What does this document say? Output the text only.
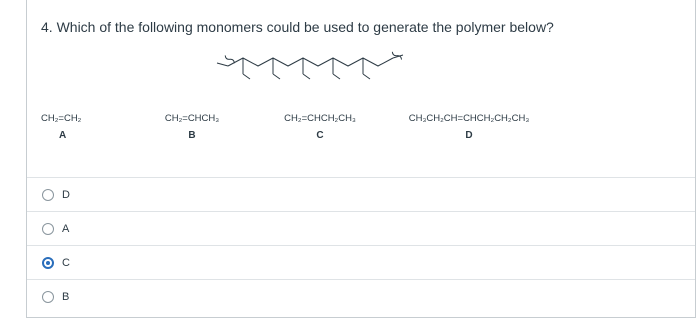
4. Which of the following monomers could be used to generate the polymer below?
CH₂=CH₂
A
CH₂=CHCH₃
B
CH₂=CHCH₂CH₃
C
CH₃CH₂CH=CHCH₂CH₂CH₃
D
D
A
C
B
